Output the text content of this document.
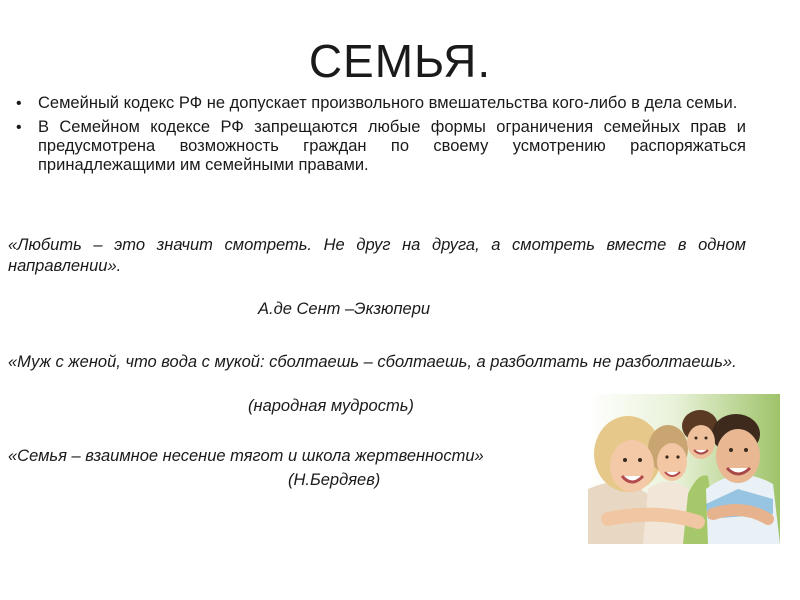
СЕМЬЯ.
• Семейный кодекс РФ не допускает произвольного вмешательства кого-либо в дела семьи.
• В Семейном кодексе РФ запрещаются любые формы ограничения семейных прав и предусмотрена возможность граждан по своему усмотрению распоряжаться принадлежащими им семейными правами.
«Любить – это значит смотреть. Не друг на друга, а смотреть вместе в одном направлении».
А.де Сент –Экзюпери
«Муж с женой, что вода с мукой: сболтаешь – сболтаешь, а разболтать не разболтаешь».
(народная мудрость)
«Семья – взаимное несение тягот и школа жертвенности»
(Н.Бердяев)
